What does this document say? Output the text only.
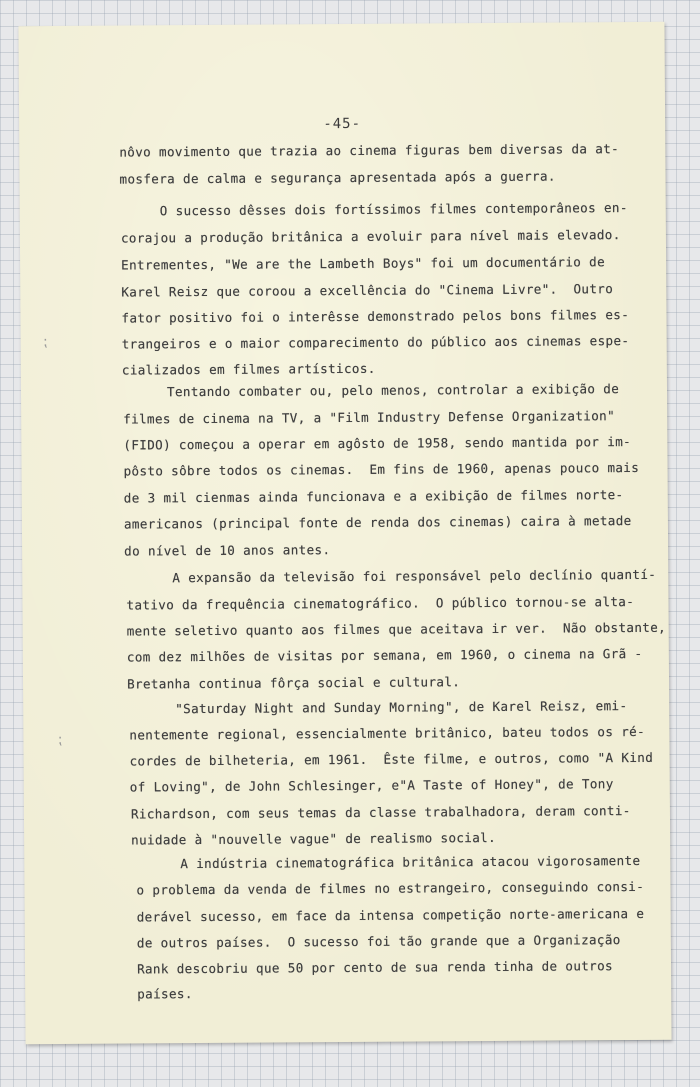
-45-
nôvo movimento que trazia ao cinema figuras bem diversas da at-
mosfera de calma e segurança apresentada após a guerra.
O sucesso dêsses dois fortíssimos filmes contemporâneos en-
corajou a produção britânica a evoluir para nível mais elevado.
Entrementes, "We are the Lambeth Boys" foi um documentário de
Karel Reisz que coroou a excellência do "Cinema Livre".  Outro
fator positivo foi o interêsse demonstrado pelos bons filmes es-
trangeiros e o maior comparecimento do público aos cinemas espe-
cializados em filmes artísticos.
Tentando combater ou, pelo menos, controlar a exibição de
filmes de cinema na TV, a "Film Industry Defense Organization"
(FIDO) começou a operar em agôsto de 1958, sendo mantida por im-
pôsto sôbre todos os cinemas.  Em fins de 1960, apenas pouco mais
de 3 mil cienmas ainda funcionava e a exibição de filmes norte-
americanos (principal fonte de renda dos cinemas) caira à metade
do nível de 10 anos antes.
A expansão da televisão foi responsável pelo declínio quantí-
tativo da frequência cinematográfico.  O público tornou-se alta-
mente seletivo quanto aos filmes que aceitava ir ver.  Não obstante,
com dez milhões de visitas por semana, em 1960, o cinema na Grã -
Bretanha continua fôrça social e cultural.
"Saturday Night and Sunday Morning", de Karel Reisz, emi-
nentemente regional, essencialmente britânico, bateu todos os ré-
cordes de bilheteria, em 1961.  Êste filme, e outros, como "A Kind
of Loving", de John Schlesinger, e"A Taste of Honey", de Tony
Richardson, com seus temas da classe trabalhadora, deram conti-
nuidade à "nouvelle vague" de realismo social.
A indústria cinematográfica britânica atacou vigorosamente
o problema da venda de filmes no estrangeiro, conseguindo consi-
derável sucesso, em face da intensa competição norte-americana e
de outros países.  O sucesso foi tão grande que a Organização
Rank descobriu que 50 por cento de sua renda tinha de outros
países.
⁏
⁏
